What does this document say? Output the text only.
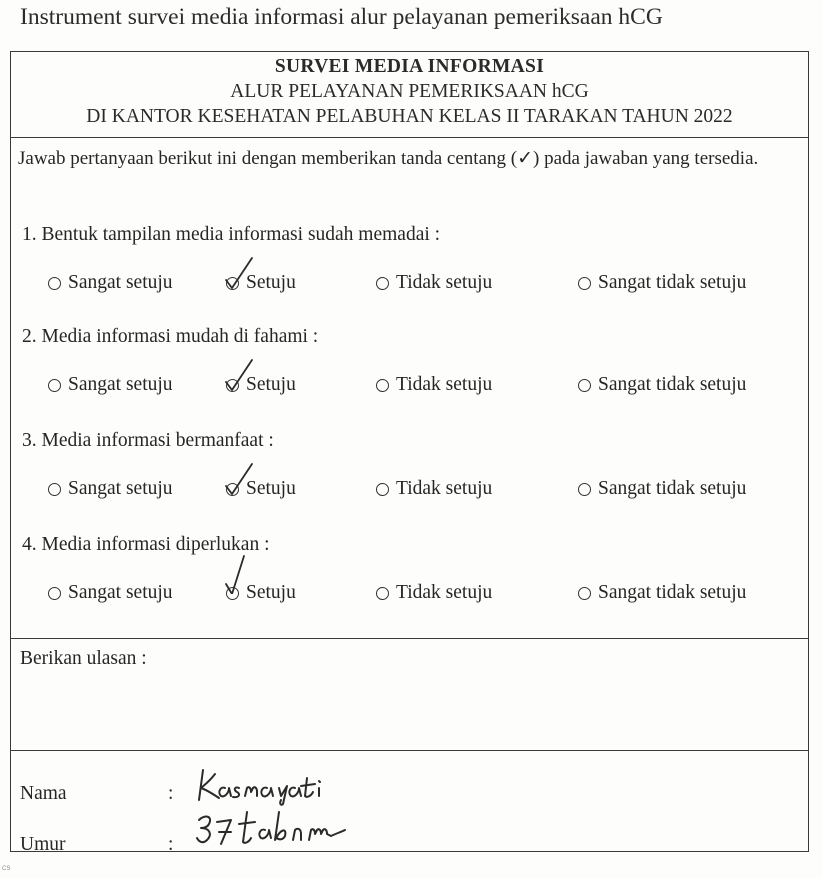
Instrument survei media informasi alur pelayanan pemeriksaan hCG
SURVEI MEDIA INFORMASI
ALUR PELAYANAN PEMERIKSAAN hCG
DI KANTOR KESEHATAN PELABUHAN KELAS II TARAKAN TAHUN 2022
Jawab pertanyaan berikut ini dengan memberikan tanda centang (✓) pada jawaban yang tersedia.
1. Bentuk tampilan media informasi sudah memadai :
Sangat setuju	Setuju	Tidak setuju	Sangat tidak setuju
2. Media informasi mudah di fahami :
Sangat setuju	Setuju	Tidak setuju	Sangat tidak setuju
3. Media informasi bermanfaat :
Sangat setuju	Setuju	Tidak setuju	Sangat tidak setuju
4. Media informasi diperlukan :
Sangat setuju	Setuju	Tidak setuju	Sangat tidak setuju
Berikan ulasan :
Nama	:
Umur	:
CS
